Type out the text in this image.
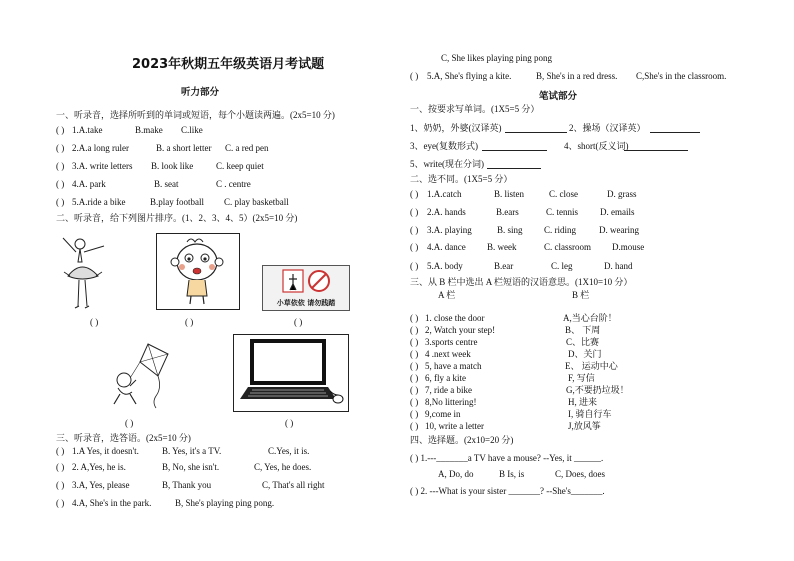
2023年秋期五年级英语月考试题
听力部分
一、听录音，选择所听到的单词或短语，每个小题读两遍。(2x5=10 分)
( ) 1.A.take	B.make C.like
( ) 2.A.a long ruler	B. a short letter C. a red pen
( ) 3.A. write letters B. look like	C. keep quiet
( ) 4.A. park	B. seat	C . centre
( ) 5.A.ride a bike	B.play football C. play basketball
二、听录音，给下列图片排序。(1、2、3、4、5）(2x5=10 分)
( )	( )
小草依依 请勿践踏
( )
( )	( )
三、听录音，选答语。(2x5=10 分)
( ) 1.A Yes, it doesn't.	B. Yes, it's a TV.	C.Yes, it is.
( ) 2. A,Yes, he is.	B, No, she isn't.	C, Yes, he does.
( ) 3.A, Yes, please	B, Thank you	C, That's all right
( ) 4.A, She's in the park.	B, She's playing ping pong.
C, She likes playing ping pong
( ) 5.A, She's flying a kite.	B, She's in a red dress. C,She's in the classroom.
笔试部分
一、按要求写单词。(1X5=5 分）
1、奶奶，外婆(汉译英)	2、操场（汉译英）
3、eye(复数形式)	4、short(反义词)
5、write(现在分词)
二、选不同。(1X5=5 分）
( ) 1.A.catch	B. listen	C. close	D. grass
( ) 2.A. hands	B.ears	C. tennis D. emails
( ) 3.A. playing	B. sing C. riding	D. wearing
( ) 4.A. dance B. week	C. classroom D.mouse
( ) 5.A. body	B.ear	C. leg	D. hand
三、从 B 栏中选出 A 栏短语的汉语意思。(1X10=10 分）
A 栏	B 栏
( ) 1. close the door	A,当心台阶！
( ) 2, Watch your step!	B、 下周
( ) 3.sports centre	C、比赛
( ) 4 .next week	D、关门
( ) 5, have a match	E、 运动中心
( ) 6, fly a kite	F, 写信
( ) 7, ride a bike	G,不要扔垃圾！
( ) 8,No littering!	H, 进来
( ) 9,come in	I, 骑自行车
( ) 10, write a letter	J,放风筝
四、选择题。(2x10=20 分)
( ) 1.---_______a TV have a mouse? --Yes, it ______.
A, Do, do	B Is, is	C, Does, does
( ) 2. ---What is your sister _______? --She's_______.
